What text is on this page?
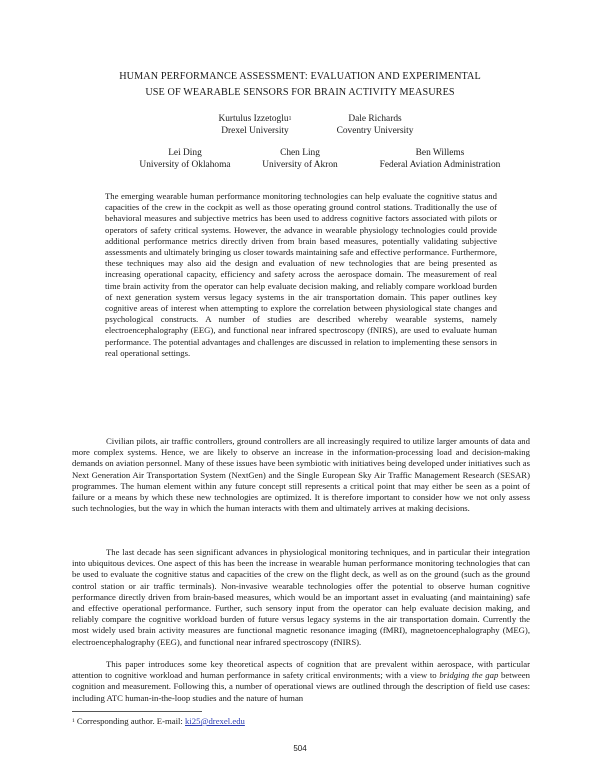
HUMAN PERFORMANCE ASSESSMENT: EVALUATION AND EXPERIMENTAL
USE OF WEARABLE SENSORS FOR BRAIN ACTIVITY MEASURES
Kurtulus Izzetoglu$^1$
Drexel University
Dale Richards
Coventry University
Lei Ding
University of Oklahoma
Chen Ling
University of Akron
Ben Willems
Federal Aviation Administration
The emerging wearable human performance monitoring technologies can help evaluate the cognitive status and capacities of the crew in the cockpit as well as those operating ground control stations. Traditionally the use of behavioral measures and subjective metrics has been used to address cognitive factors associated with pilots or operators of safety critical systems. However, the advance in wearable physiology technologies could provide additional performance metrics directly driven from brain based measures, potentially validating subjective assessments and ultimately bringing us closer towards maintaining safe and effective performance. Furthermore, these techniques may also aid the design and evaluation of new technologies that are being presented as increasing operational capacity, efficiency and safety across the aerospace domain. The measurement of real time brain activity from the operator can help evaluate decision making, and reliably compare workload burden of next generation system versus legacy systems in the air transportation domain. This paper outlines key cognitive areas of interest when attempting to explore the correlation between physiological state changes and psychological constructs. A number of studies are described whereby wearable systems, namely electroencephalography (EEG), and functional near infrared spectroscopy (fNIRS), are used to evaluate human performance. The potential advantages and challenges are discussed in relation to implementing these sensors in real operational settings.

Civilian pilots, air traffic controllers, ground controllers are all increasingly required to utilize larger amounts of data and more complex systems. Hence, we are likely to observe an increase in the information-processing load and decision-making demands on aviation personnel. Many of these issues have been symbiotic with initiatives being developed under initiatives such as Next Generation Air Transportation System (NextGen) and the Single European Sky Air Traffic Management Research (SESAR) programmes. The human element within any future concept still represents a critical point that may either be seen as a point of failure or a means by which these new technologies are optimized. It is therefore important to consider how we not only assess such technologies, but the way in which the human interacts with them and ultimately arrives at making decisions.

The last decade has seen significant advances in physiological monitoring techniques, and in particular their integration into ubiquitous devices. One aspect of this has been the increase in wearable human performance monitoring technologies that can be used to evaluate the cognitive status and capacities of the crew on the flight deck, as well as on the ground (such as the ground control station or air traffic terminals). Non-invasive wearable technologies offer the potential to observe human cognitive performance directly driven from brain-based measures, which would be an important asset in evaluating (and maintaining) safe and effective operational performance. Further, such sensory input from the operator can help evaluate decision making, and reliably compare the cognitive workload burden of future versus legacy systems in the air transportation domain. Currently the most widely used brain activity measures are functional magnetic resonance imaging (fMRI), magnetoencephalography (MEG), electroencephalography (EEG), and functional near infrared spectroscopy (fNIRS).

This paper introduces some key theoretical aspects of cognition that are prevalent within aerospace, with particular attention to cognitive workload and human performance in safety critical environments; with a view to bridging the gap between cognition and measurement. Following this, a number of operational views are outlined through the description of field use cases: including ATC human-in-the-loop studies and the nature of human

$^1$ Corresponding author. E-mail: ki25@drexel.edu
504
